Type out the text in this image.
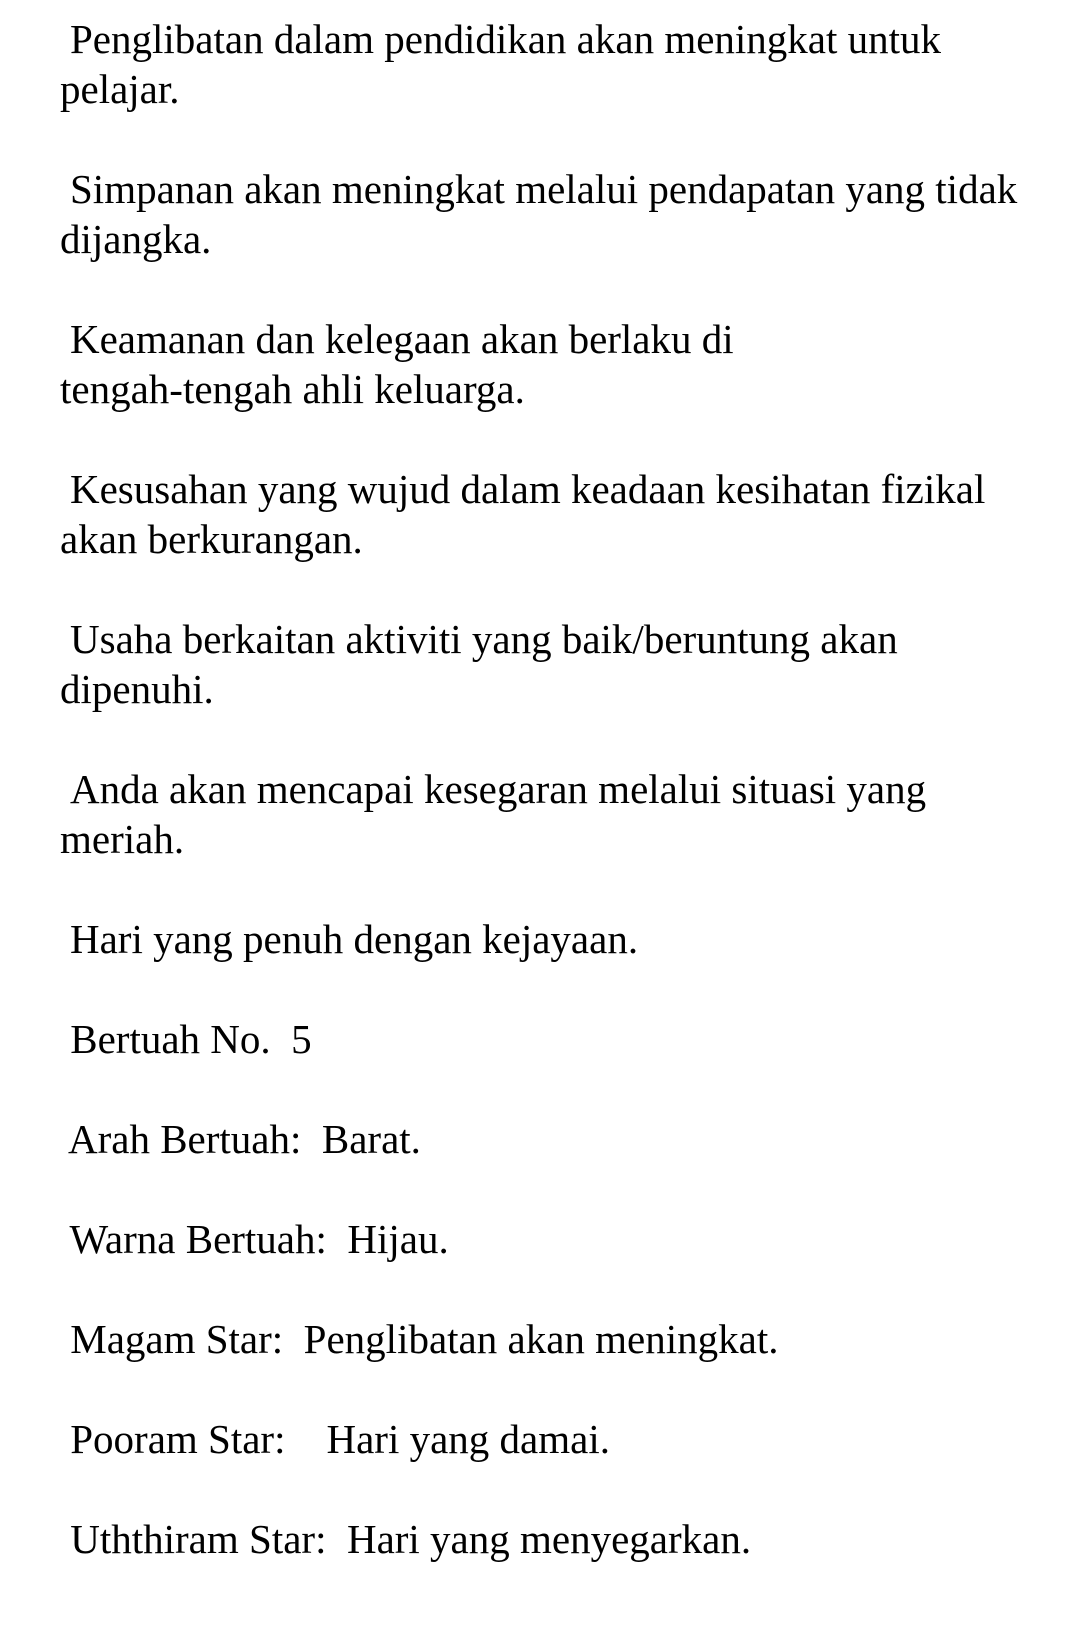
Penglibatan dalam pendidikan akan meningkat untuk pelajar.

Simpanan akan meningkat melalui pendapatan yang tidak dijangka.

Keamanan dan kelegaan akan berlaku di
tengah-tengah ahli keluarga.

Kesusahan yang wujud dalam keadaan kesihatan fizikal akan berkurangan.

Usaha berkaitan aktiviti yang baik/beruntung akan dipenuhi.

Anda akan mencapai kesegaran melalui situasi yang meriah.

Hari yang penuh dengan kejayaan.

Bertuah No.  5

Arah Bertuah:  Barat.

Warna Bertuah:  Hijau.

Magam Star:  Penglibatan akan meningkat.

Pooram Star:    Hari yang damai.

Uththiram Star:  Hari yang menyegarkan.
